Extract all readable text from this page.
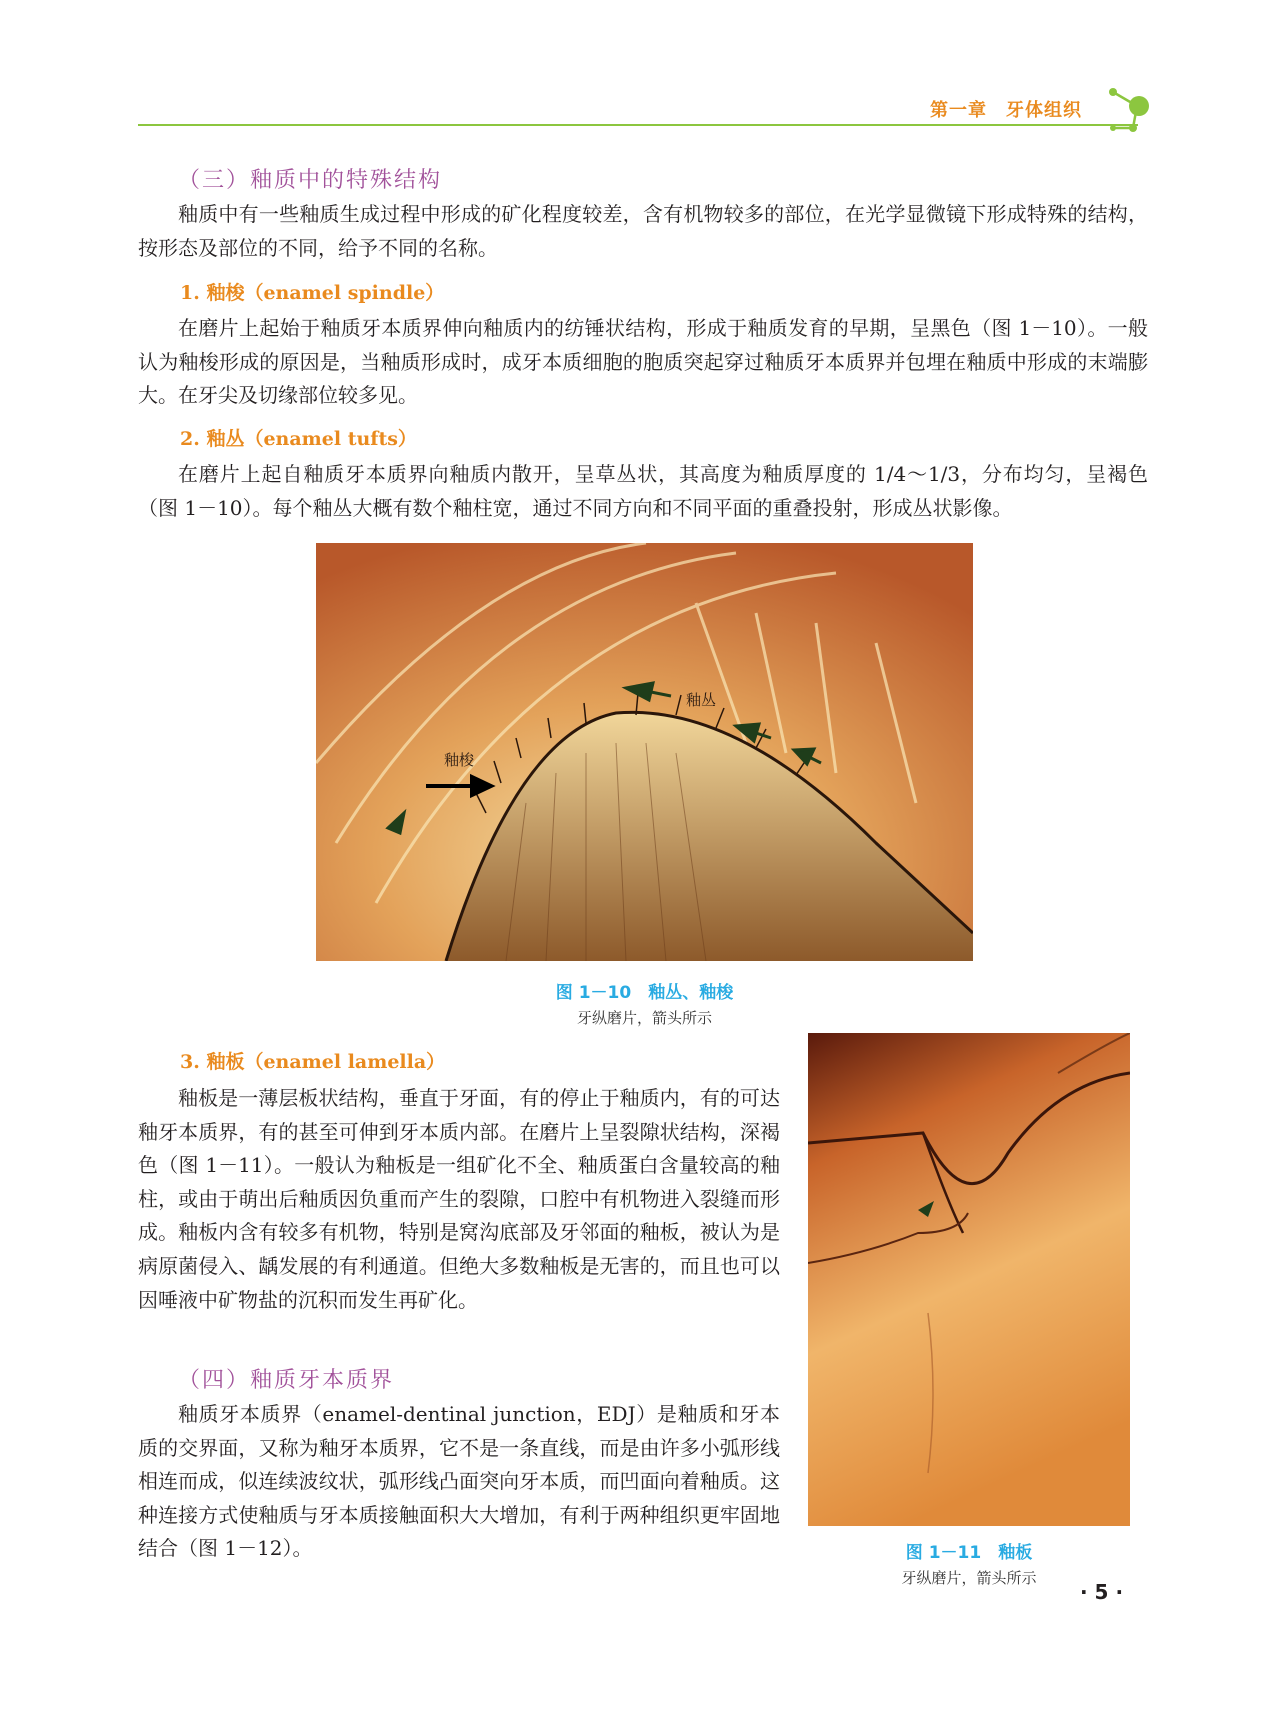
第一章　牙体组织
（三）釉质中的特殊结构

釉质中有一些釉质生成过程中形成的矿化程度较差，含有机物较多的部位，在光学显微镜下形成特殊的结构，按形态及部位的不同，给予不同的名称。

1. 釉梭（enamel spindle）

在磨片上起始于釉质牙本质界伸向釉质内的纺锤状结构，形成于釉质发育的早期，呈黑色（图 1－10）。一般认为釉梭形成的原因是，当釉质形成时，成牙本质细胞的胞质突起穿过釉质牙本质界并包埋在釉质中形成的末端膨大。在牙尖及切缘部位较多见。

2. 釉丛（enamel tufts）

在磨片上起自釉质牙本质界向釉质内散开，呈草丛状，其高度为釉质厚度的 1/4～1/3，分布均匀，呈褐色（图 1－10）。每个釉丛大概有数个釉柱宽，通过不同方向和不同平面的重叠投射，形成丛状影像。

釉丛
釉梭
图 1－10　釉丛、釉梭
牙纵磨片，箭头所示
3. 釉板（enamel lamella）

釉板是一薄层板状结构，垂直于牙面，有的停止于釉质内，有的可达釉牙本质界，有的甚至可伸到牙本质内部。在磨片上呈裂隙状结构，深褐色（图 1－11）。一般认为釉板是一组矿化不全、釉质蛋白含量较高的釉柱，或由于萌出后釉质因负重而产生的裂隙，口腔中有机物进入裂缝而形成。釉板内含有较多有机物，特别是窝沟底部及牙邻面的釉板，被认为是病原菌侵入、龋发展的有利通道。但绝大多数釉板是无害的，而且也可以因唾液中矿物盐的沉积而发生再矿化。

（四）釉质牙本质界

釉质牙本质界（enamel-dentinal junction，EDJ）是釉质和牙本质的交界面，又称为釉牙本质界，它不是一条直线，而是由许多小弧形线相连而成，似连续波纹状，弧形线凸面突向牙本质，而凹面向着釉质。这种连接方式使釉质与牙本质接触面积大大增加，有利于两种组织更牢固地结合（图 1－12）。	图 1－11　釉板
牙纵磨片，箭头所示
· 5 ·
